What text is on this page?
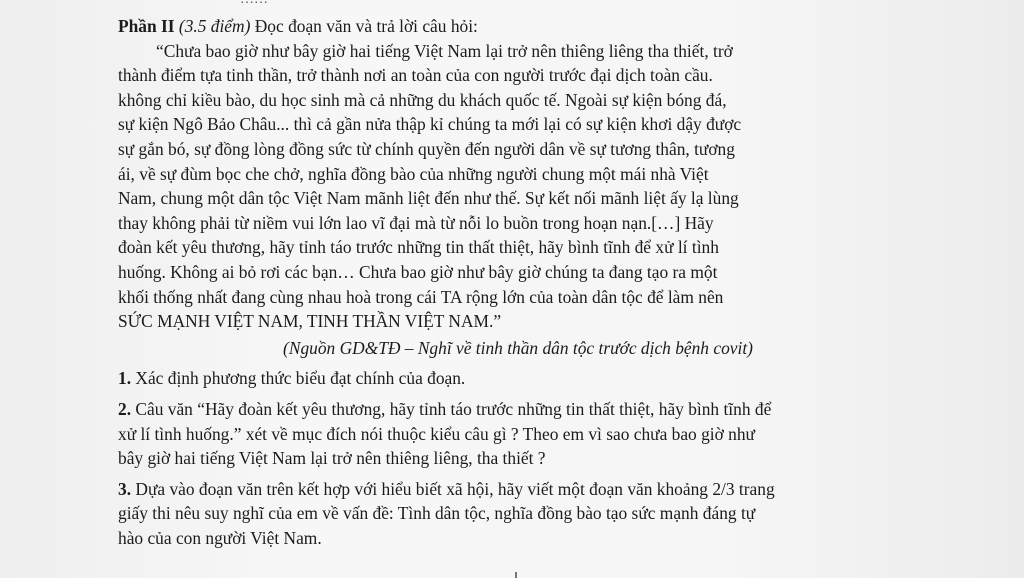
Phần II (3.5 điểm) Đọc đoạn văn và trả lời câu hỏi:

“Chưa bao giờ như bây giờ hai tiếng Việt Nam lại trở nên thiêng liêng tha thiết, trở
thành điểm tựa tinh thần, trở thành nơi an toàn của con người trước đại dịch toàn cầu.
không chỉ kiều bào, du học sinh mà cả những du khách quốc tế. Ngoài sự kiện bóng đá,
sự kiện Ngô Bảo Châu... thì cả gần nửa thập kỉ chúng ta mới lại có sự kiện khơi dậy được
sự gắn bó, sự đồng lòng đồng sức từ chính quyền đến người dân về sự tương thân, tương
ái, về sự đùm bọc che chở, nghĩa đồng bào của những người chung một mái nhà Việt
Nam, chung một dân tộc Việt Nam mãnh liệt đến như thế. Sự kết nối mãnh liệt ấy lạ lùng
thay không phải từ niềm vui lớn lao vĩ đại mà từ nỗi lo buồn trong hoạn nạn.[…] Hãy
đoàn kết yêu thương, hãy tỉnh táo trước những tin thất thiệt, hãy bình tĩnh để xử lí tình
huống. Không ai bỏ rơi các bạn… Chưa bao giờ như bây giờ chúng ta đang tạo ra một
khối thống nhất đang cùng nhau hoà trong cái TA rộng lớn của toàn dân tộc để làm nên
SỨC MẠNH VIỆT NAM, TINH THẦN VIỆT NAM.”

(Nguồn GD&TĐ – Nghĩ về tinh thần dân tộc trước dịch bệnh covit)

1. Xác định phương thức biểu đạt chính của đoạn.
2. Câu văn “Hãy đoàn kết yêu thương, hãy tỉnh táo trước những tin thất thiệt, hãy bình tĩnh để
xử lí tình huống.” xét về mục đích nói thuộc kiểu câu gì ? Theo em vì sao chưa bao giờ như
bây giờ hai tiếng Việt Nam lại trở nên thiêng liêng, tha thiết ?
3. Dựa vào đoạn văn trên kết hợp với hiểu biết xã hội, hãy viết một đoạn văn khoảng 2/3 trang
giấy thi nêu suy nghĩ của em về vấn đề: Tình dân tộc, nghĩa đồng bào tạo sức mạnh đáng tự
hào của con người Việt Nam.
